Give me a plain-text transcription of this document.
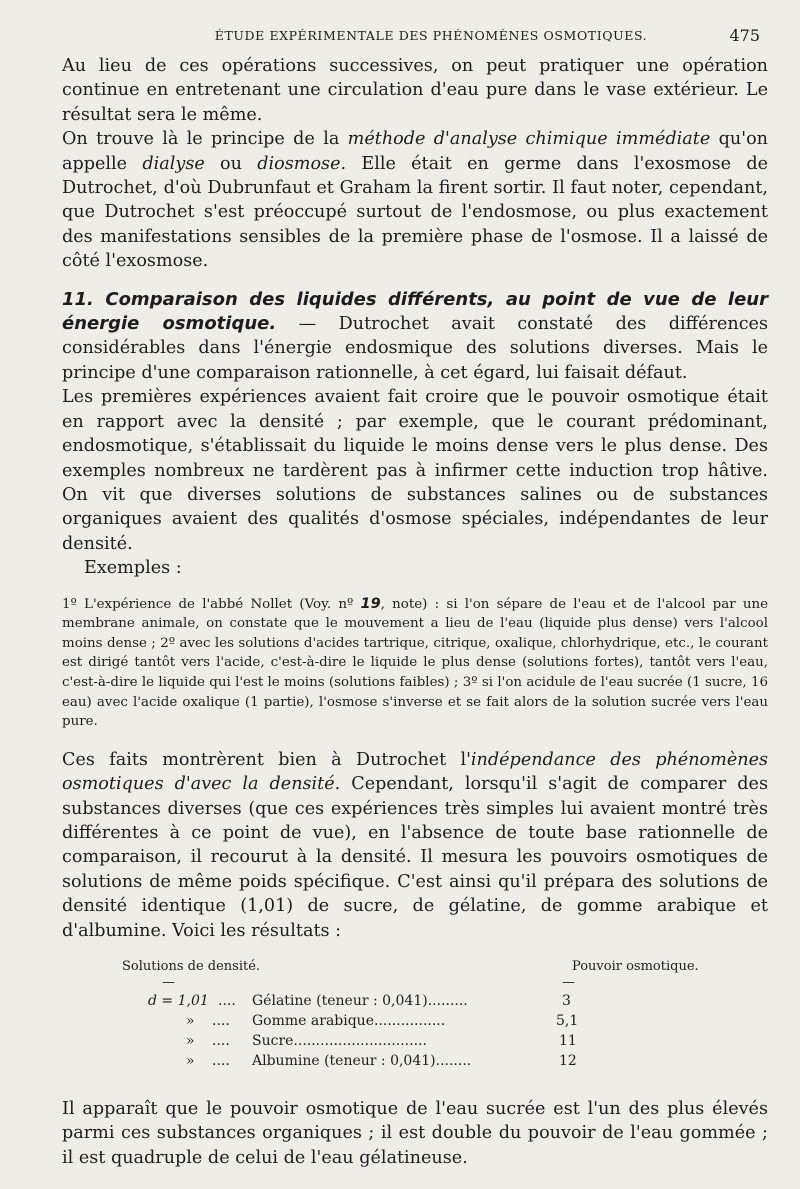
ÉTUDE EXPÉRIMENTALE DES PHÉNOMÈNES OSMOTIQUES.	475

Au lieu de ces opérations successives, on peut pratiquer une opération continue en entretenant une circulation d'eau pure dans le vase extérieur. Le résultat sera le même.

On trouve là le principe de la méthode d'analyse chimique immédiate qu'on appelle dialyse ou diosmose. Elle était en germe dans l'exosmose de Dutrochet, d'où Dubrunfaut et Graham la firent sortir. Il faut noter, cependant, que Dutrochet s'est préoccupé surtout de l'endosmose, ou plus exactement des manifestations sensibles de la première phase de l'osmose. Il a laissé de côté l'exosmose.

11. Comparaison des liquides différents, au point de vue de leur énergie osmotique. — Dutrochet avait constaté des différences considérables dans l'énergie endosmique des solutions diverses. Mais le principe d'une comparaison rationnelle, à cet égard, lui faisait défaut.

Les premières expériences avaient fait croire que le pouvoir osmotique était en rapport avec la densité ; par exemple, que le courant prédominant, endosmotique, s'établissait du liquide le moins dense vers le plus dense. Des exemples nombreux ne tardèrent pas à infirmer cette induction trop hâtive. On vit que diverses solutions de substances salines ou de substances organiques avaient des qualités d'osmose spéciales, indépendantes de leur densité.

Exemples :

1º L'expérience de l'abbé Nollet (Voy. nº 19, note) : si l'on sépare de l'eau et de l'alcool par une membrane animale, on constate que le mouvement a lieu de l'eau (liquide plus dense) vers l'alcool moins dense ; 2º avec les solutions d'acides tartrique, citrique, oxalique, chlorhydrique, etc., le courant est dirigé tantôt vers l'acide, c'est-à-dire le liquide le plus dense (solutions fortes), tantôt vers l'eau, c'est-à-dire le liquide qui l'est le moins (solutions faibles) ; 3º si l'on acidule de l'eau sucrée (1 sucre, 16 eau) avec l'acide oxalique (1 partie), l'osmose s'inverse et se fait alors de la solution sucrée vers l'eau pure.

Ces faits montrèrent bien à Dutrochet l'indépendance des phénomènes osmotiques d'avec la densité. Cependant, lorsqu'il s'agit de comparer des substances diverses (que ces expériences très simples lui avaient montré très différentes à ce point de vue), en l'absence de toute base rationnelle de comparaison, il recourut à la densité. Il mesura les pouvoirs osmotiques de solutions de même poids spécifique. C'est ainsi qu'il prépara des solutions de densité identique (1,01) de sucre, de gélatine, de gomme arabique et d'albumine. Voici les résultats :

Solutions de densité.	Pouvoir osmotique.
—	—
d = 1,01 .... Gélatine (teneur : 0,041).........	3
» .... Gomme arabique................	5,1
» .... Sucre..............................	11
» .... Albumine (teneur : 0,041)........	12

Il apparaît que le pouvoir osmotique de l'eau sucrée est l'un des plus élevés parmi ces substances organiques ; il est double du pouvoir de l'eau gommée ; il est quadruple de celui de l'eau gélatineuse.
